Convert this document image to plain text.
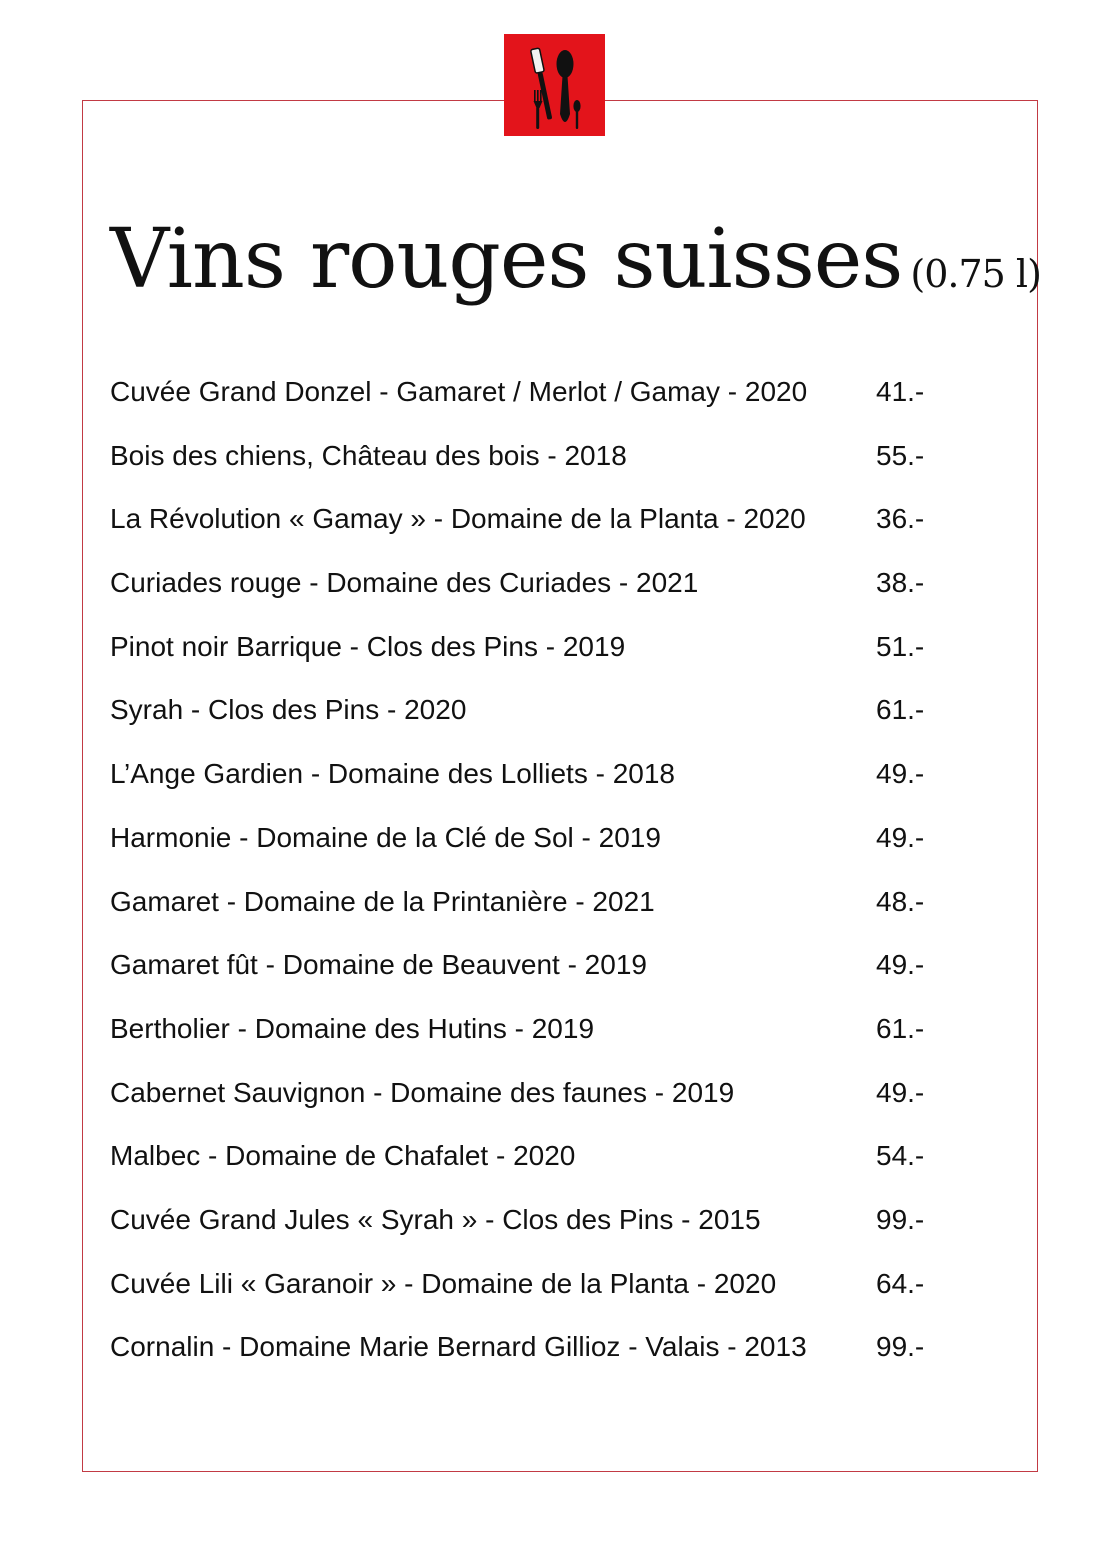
Vins rouges suisses (0.75 l)
Cuvée Grand Donzel - Gamaret / Merlot / Gamay - 2020 41.-
Bois des chiens, Château des bois - 2018	55.-
La Révolution « Gamay » - Domaine de la Planta - 2020	36.-
Curiades rouge - Domaine des Curiades - 2021	38.-
Pinot noir Barrique - Clos des Pins - 2019	51.-
Syrah - Clos des Pins - 2020	61.-
L’Ange Gardien - Domaine des Lolliets - 2018	49.-
Harmonie - Domaine de la Clé de Sol - 2019	49.-
Gamaret - Domaine de la Printanière - 2021	48.-
Gamaret fût - Domaine de Beauvent - 2019	49.-
Bertholier - Domaine des Hutins - 2019	61.-
Cabernet Sauvignon - Domaine des faunes - 2019	49.-
Malbec - Domaine de Chafalet - 2020	54.-
Cuvée Grand Jules « Syrah » - Clos des Pins - 2015	99.-
Cuvée Lili « Garanoir » - Domaine de la Planta - 2020	64.-
Cornalin - Domaine Marie Bernard Gillioz - Valais - 2013 99.-
